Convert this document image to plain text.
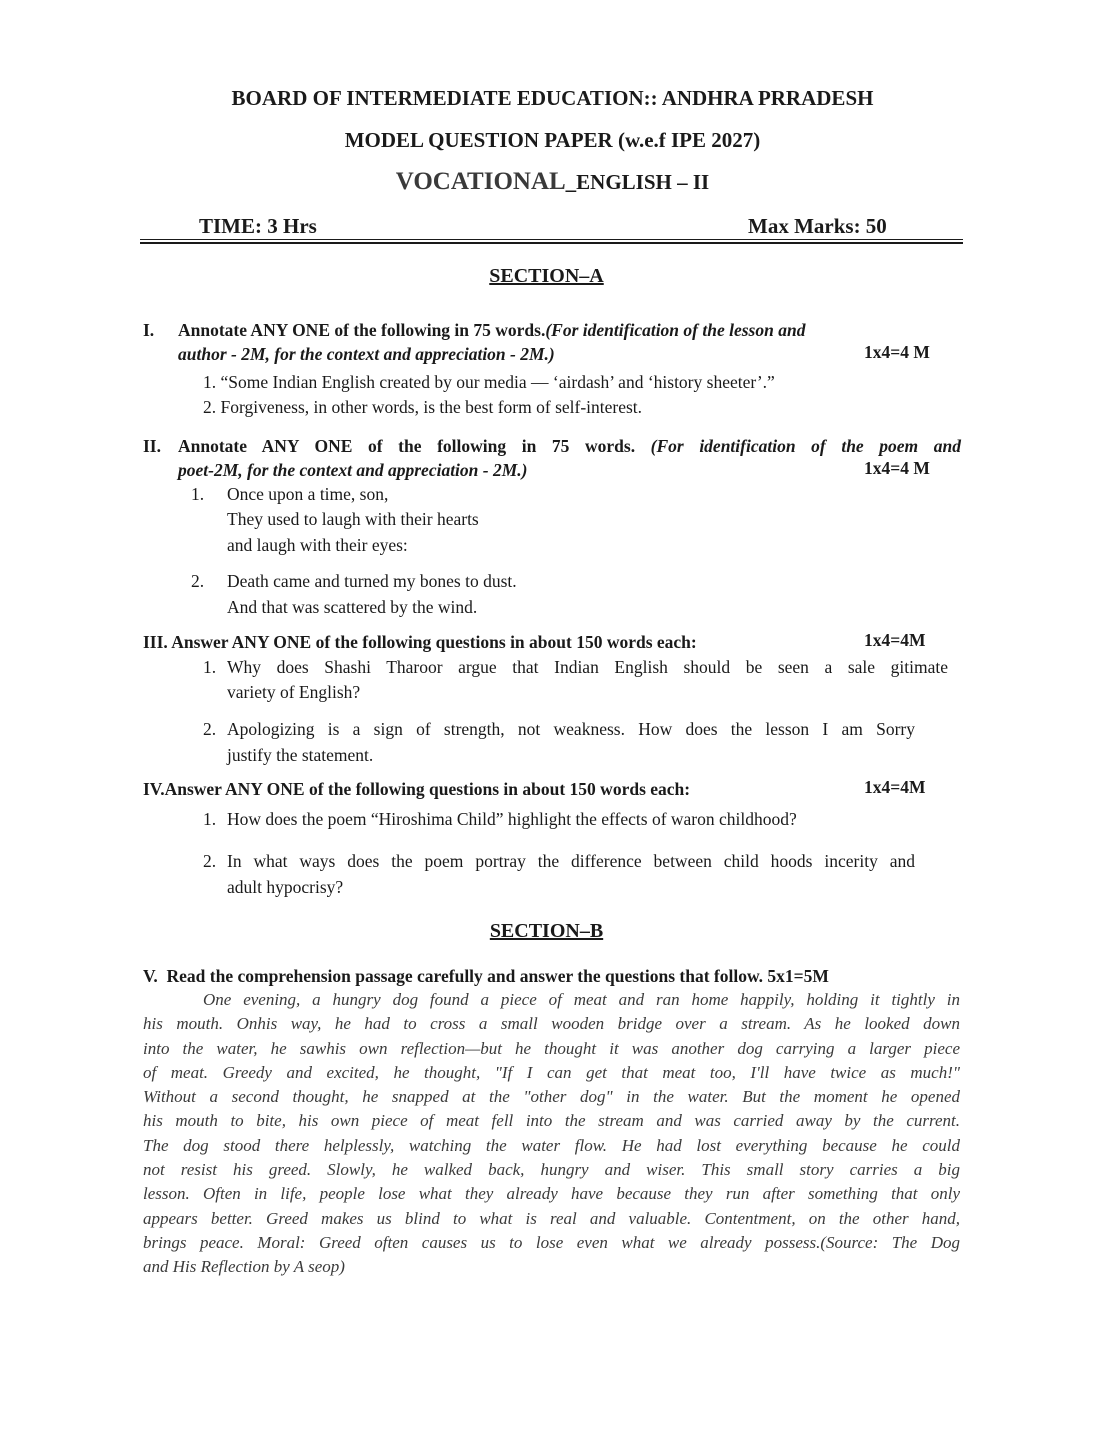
BOARD OF INTERMEDIATE EDUCATION:: ANDHRA PRRADESH
MODEL QUESTION PAPER (w.e.f IPE 2027)
VOCATIONAL_ENGLISH – II
TIME: 3 Hrs	Max Marks: 50
SECTION–A
I. Annotate ANY ONE of the following in 75 words.(For identification of the lesson and
author - 2M, for the context and appreciation - 2M.)	1x4=4 M
1. “Some Indian English created by our media — ‘airdash’ and ‘history sheeter’.”
2. Forgiveness, in other words, is the best form of self-interest.
II. Annotate ANY ONE of the following in 75 words. (For identification of the poem and
poet-2M, for the context and appreciation - 2M.)	1x4=4 M
1. Once upon a time, son,
They used to laugh with their hearts
and laugh with their eyes:
2. Death came and turned my bones to dust.
And that was scattered by the wind.
III. Answer ANY ONE of the following questions in about 150 words each:	1x4=4M
1. Why does Shashi Tharoor argue that Indian English should be seen a sale gitimate
variety of English?
2. Apologizing is a sign of strength, not weakness. How does the lesson I am Sorry
justify the statement.
IV.Answer ANY ONE of the following questions in about 150 words each:	1x4=4M
1. How does the poem “Hiroshima Child” highlight the effects of waron childhood?
2. In what ways does the poem portray the difference between child hoods incerity and
adult hypocrisy?
SECTION–B
V.  Read the comprehension passage carefully and answer the questions that follow. 5x1=5M
One evening, a hungry dog found a piece of meat and ran home happily, holding it tightly in
his mouth. Onhis way, he had to cross a small wooden bridge over a stream. As he looked down
into the water, he sawhis own reflection—but he thought it was another dog carrying a larger piece
of meat. Greedy and excited, he thought, "If I can get that meat too, I'll have twice as much!"
Without a second thought, he snapped at the "other dog" in the water. But the moment he opened
his mouth to bite, his own piece of meat fell into the stream and was carried away by the current.
The dog stood there helplessly, watching the water flow. He had lost everything because he could
not resist his greed. Slowly, he walked back, hungry and wiser. This small story carries a big
lesson. Often in life, people lose what they already have because they run after something that only
appears better. Greed makes us blind to what is real and valuable. Contentment, on the other hand,
brings peace. Moral: Greed often causes us to lose even what we already possess.(Source: The Dog
and His Reflection by A seop)
